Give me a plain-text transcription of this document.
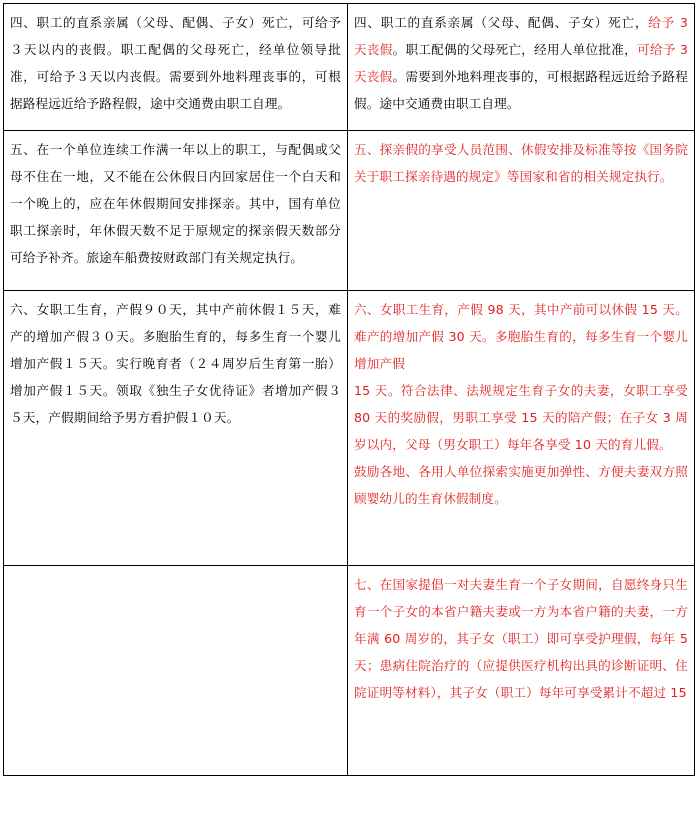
四、职工的直系亲属（父母、配偶、子女）死亡，可给予３天以内的丧假。职工配偶的父母死亡，经单位领导批准，可给予３天以内丧假。需要到外地料理丧事的，可根据路程远近给予路程假，途中交通费由职工自理。	四、职工的直系亲属（父母、配偶、子女）死亡，给予 3 天丧假。职工配偶的父母死亡，经用人单位批准，可给予 3 天丧假。需要到外地料理丧事的，可根据路程远近给予路程假。途中交通费由职工自理。

五、在一个单位连续工作满一年以上的职工，与配偶或父母不住在一地，又不能在公休假日内回家居住一个白天和一个晚上的，应在年休假期间安排探亲。其中，国有单位职工探亲时，年休假天数不足于原规定的探亲假天数部分可给予补齐。旅途车船费按财政部门有关规定执行。	五、探亲假的享受人员范围、休假安排及标准等按《国务院关于职工探亲待遇的规定》等国家和省的相关规定执行。

六、女职工生育，产假９０天，其中产前休假１５天，难产的增加产假３０天。多胞胎生育的，每多生育一个婴儿增加产假１５天。实行晚育者（２４周岁后生育第一胎）增加产假１５天。领取《独生子女优待证》者增加产假３５天，产假期间给予男方看护假１０天。	六、女职工生育，产假 98 天，其中产前可以休假 15 天。难产的增加产假 30 天。多胞胎生育的，每多生育一个婴儿增加产假

15 天。符合法律、法规规定生育子女的夫妻，女职工享受 80 天的奖励假，男职工享受 15 天的陪产假；在子女 3 周岁以内，父母（男女职工）每年各享受 10 天的育儿假。

鼓励各地、各用人单位探索实施更加弹性、方便夫妻双方照顾婴幼儿的生育休假制度。

	七、在国家提倡一对夫妻生育一个子女期间，自愿终身只生育一个子女的本省户籍夫妻或一方为本省户籍的夫妻，一方年满 60 周岁的，其子女（职工）即可享受护理假，每年 5 天；患病住院治疗的（应提供医疗机构出具的诊断证明、住院证明等材料），其子女（职工）每年可享受累计不超过 15
